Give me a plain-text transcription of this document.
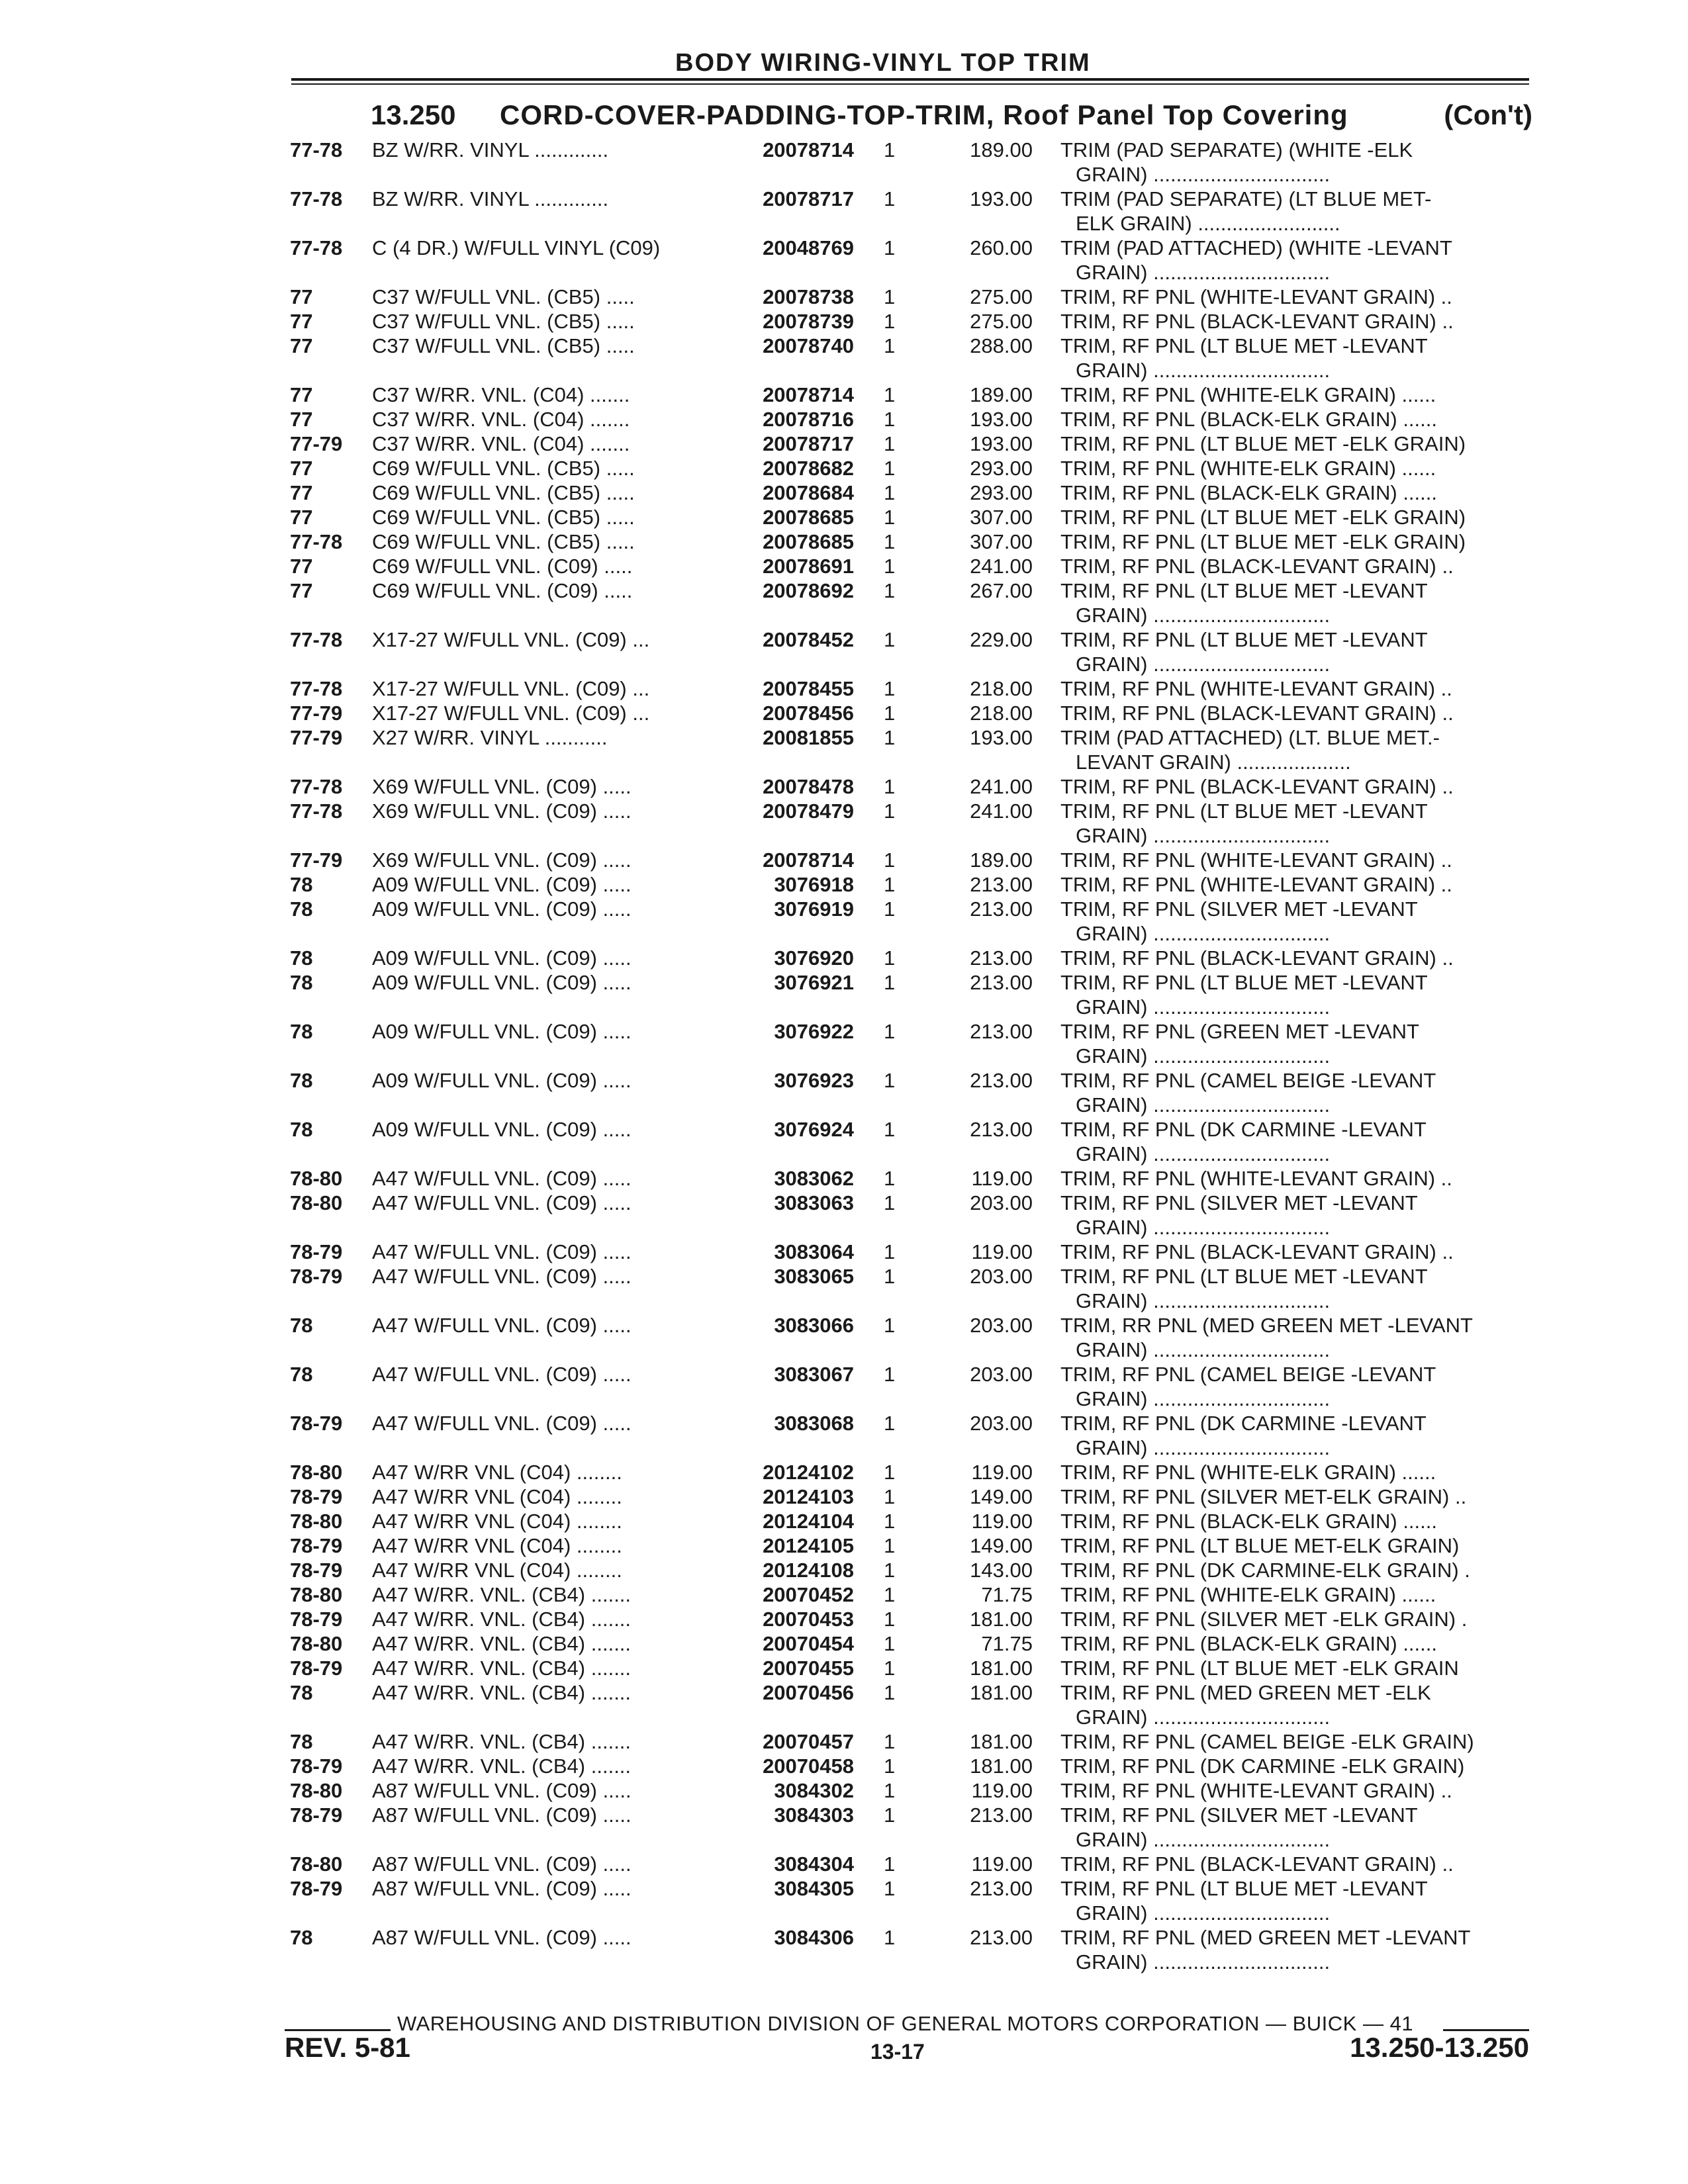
BODY WIRING-VINYL TOP TRIM
13.250 CORD-COVER-PADDING-TOP-TRIM, Roof Panel Top Covering	(Con't)
77-78 BZ W/RR. VINYL .............	20078714 1	189.00 TRIM (PAD SEPARATE) (WHITE -ELK
GRAIN) ...............................
77-78 BZ W/RR. VINYL .............	20078717 1	193.00 TRIM (PAD SEPARATE) (LT BLUE MET-
ELK GRAIN) .........................
77-78 C (4 DR.) W/FULL VINYL (C09)	20048769 1	260.00 TRIM (PAD ATTACHED) (WHITE -LEVANT
GRAIN) ...............................
77	C37 W/FULL VNL. (CB5) .....	20078738 1	275.00 TRIM, RF PNL (WHITE-LEVANT GRAIN) ..
77	C37 W/FULL VNL. (CB5) .....	20078739 1	275.00 TRIM, RF PNL (BLACK-LEVANT GRAIN) ..
77	C37 W/FULL VNL. (CB5) .....	20078740 1	288.00 TRIM, RF PNL (LT BLUE MET -LEVANT
GRAIN) ...............................
77	C37 W/RR. VNL. (C04) .......	20078714 1	189.00 TRIM, RF PNL (WHITE-ELK GRAIN) ......
77	C37 W/RR. VNL. (C04) .......	20078716 1	193.00 TRIM, RF PNL (BLACK-ELK GRAIN) ......
77-79 C37 W/RR. VNL. (C04) .......	20078717 1	193.00 TRIM, RF PNL (LT BLUE MET -ELK GRAIN)
77	C69 W/FULL VNL. (CB5) .....	20078682 1	293.00 TRIM, RF PNL (WHITE-ELK GRAIN) ......
77	C69 W/FULL VNL. (CB5) .....	20078684 1	293.00 TRIM, RF PNL (BLACK-ELK GRAIN) ......
77	C69 W/FULL VNL. (CB5) .....	20078685 1	307.00 TRIM, RF PNL (LT BLUE MET -ELK GRAIN)
77-78 C69 W/FULL VNL. (CB5) .....	20078685 1	307.00 TRIM, RF PNL (LT BLUE MET -ELK GRAIN)
77	C69 W/FULL VNL. (C09) .....	20078691 1	241.00 TRIM, RF PNL (BLACK-LEVANT GRAIN) ..
77	C69 W/FULL VNL. (C09) .....	20078692 1	267.00 TRIM, RF PNL (LT BLUE MET -LEVANT
GRAIN) ...............................
77-78 X17-27 W/FULL VNL. (C09) ...	20078452 1	229.00 TRIM, RF PNL (LT BLUE MET -LEVANT
GRAIN) ...............................
77-78 X17-27 W/FULL VNL. (C09) ...	20078455 1	218.00 TRIM, RF PNL (WHITE-LEVANT GRAIN) ..
77-79 X17-27 W/FULL VNL. (C09) ...	20078456 1	218.00 TRIM, RF PNL (BLACK-LEVANT GRAIN) ..
77-79 X27 W/RR. VINYL ...........	20081855 1	193.00 TRIM (PAD ATTACHED) (LT. BLUE MET.-
LEVANT GRAIN) ....................
77-78 X69 W/FULL VNL. (C09) .....	20078478 1	241.00 TRIM, RF PNL (BLACK-LEVANT GRAIN) ..
77-78 X69 W/FULL VNL. (C09) .....	20078479 1	241.00 TRIM, RF PNL (LT BLUE MET -LEVANT
GRAIN) ...............................
77-79 X69 W/FULL VNL. (C09) .....	20078714 1	189.00 TRIM, RF PNL (WHITE-LEVANT GRAIN) ..
78	A09 W/FULL VNL. (C09) .....	3076918 1	213.00 TRIM, RF PNL (WHITE-LEVANT GRAIN) ..
78	A09 W/FULL VNL. (C09) .....	3076919 1	213.00 TRIM, RF PNL (SILVER MET -LEVANT
GRAIN) ...............................
78	A09 W/FULL VNL. (C09) .....	3076920 1	213.00 TRIM, RF PNL (BLACK-LEVANT GRAIN) ..
78	A09 W/FULL VNL. (C09) .....	3076921 1	213.00 TRIM, RF PNL (LT BLUE MET -LEVANT
GRAIN) ...............................
78	A09 W/FULL VNL. (C09) .....	3076922 1	213.00 TRIM, RF PNL (GREEN MET -LEVANT
GRAIN) ...............................
78	A09 W/FULL VNL. (C09) .....	3076923 1	213.00 TRIM, RF PNL (CAMEL BEIGE -LEVANT
GRAIN) ...............................
78	A09 W/FULL VNL. (C09) .....	3076924 1	213.00 TRIM, RF PNL (DK CARMINE -LEVANT
GRAIN) ...............................
78-80 A47 W/FULL VNL. (C09) .....	3083062 1	119.00 TRIM, RF PNL (WHITE-LEVANT GRAIN) ..
78-80 A47 W/FULL VNL. (C09) .....	3083063 1	203.00 TRIM, RF PNL (SILVER MET -LEVANT
GRAIN) ...............................
78-79 A47 W/FULL VNL. (C09) .....	3083064 1	119.00 TRIM, RF PNL (BLACK-LEVANT GRAIN) ..
78-79 A47 W/FULL VNL. (C09) .....	3083065 1	203.00 TRIM, RF PNL (LT BLUE MET -LEVANT
GRAIN) ...............................
78	A47 W/FULL VNL. (C09) .....	3083066 1	203.00 TRIM, RR PNL (MED GREEN MET -LEVANT
GRAIN) ...............................
78	A47 W/FULL VNL. (C09) .....	3083067 1	203.00 TRIM, RF PNL (CAMEL BEIGE -LEVANT
GRAIN) ...............................
78-79 A47 W/FULL VNL. (C09) .....	3083068 1	203.00 TRIM, RF PNL (DK CARMINE -LEVANT
GRAIN) ...............................
78-80 A47 W/RR VNL (C04) ........	20124102 1	119.00 TRIM, RF PNL (WHITE-ELK GRAIN) ......
78-79 A47 W/RR VNL (C04) ........	20124103 1	149.00 TRIM, RF PNL (SILVER MET-ELK GRAIN) ..
78-80 A47 W/RR VNL (C04) ........	20124104 1	119.00 TRIM, RF PNL (BLACK-ELK GRAIN) ......
78-79 A47 W/RR VNL (C04) ........	20124105 1	149.00 TRIM, RF PNL (LT BLUE MET-ELK GRAIN)
78-79 A47 W/RR VNL (C04) ........	20124108 1	143.00 TRIM, RF PNL (DK CARMINE-ELK GRAIN) .
78-80 A47 W/RR. VNL. (CB4) .......	20070452 1	71.75 TRIM, RF PNL (WHITE-ELK GRAIN) ......
78-79 A47 W/RR. VNL. (CB4) .......	20070453 1	181.00 TRIM, RF PNL (SILVER MET -ELK GRAIN) .
78-80 A47 W/RR. VNL. (CB4) .......	20070454 1	71.75 TRIM, RF PNL (BLACK-ELK GRAIN) ......
78-79 A47 W/RR. VNL. (CB4) .......	20070455 1	181.00 TRIM, RF PNL (LT BLUE MET -ELK GRAIN
78	A47 W/RR. VNL. (CB4) .......	20070456 1	181.00 TRIM, RF PNL (MED GREEN MET -ELK
GRAIN) ...............................
78	A47 W/RR. VNL. (CB4) .......	20070457 1	181.00 TRIM, RF PNL (CAMEL BEIGE -ELK GRAIN)
78-79 A47 W/RR. VNL. (CB4) .......	20070458 1	181.00 TRIM, RF PNL (DK CARMINE -ELK GRAIN)
78-80 A87 W/FULL VNL. (C09) .....	3084302 1	119.00 TRIM, RF PNL (WHITE-LEVANT GRAIN) ..
78-79 A87 W/FULL VNL. (C09) .....	3084303 1	213.00 TRIM, RF PNL (SILVER MET -LEVANT
GRAIN) ...............................
78-80 A87 W/FULL VNL. (C09) .....	3084304 1	119.00 TRIM, RF PNL (BLACK-LEVANT GRAIN) ..
78-79 A87 W/FULL VNL. (C09) .....	3084305 1	213.00 TRIM, RF PNL (LT BLUE MET -LEVANT
GRAIN) ...............................
78	A87 W/FULL VNL. (C09) .....	3084306 1	213.00 TRIM, RF PNL (MED GREEN MET -LEVANT
GRAIN) ...............................
WAREHOUSING AND DISTRIBUTION DIVISION OF GENERAL MOTORS CORPORATION — BUICK — 41
REV. 5-81	13-17	13.250-13.250
